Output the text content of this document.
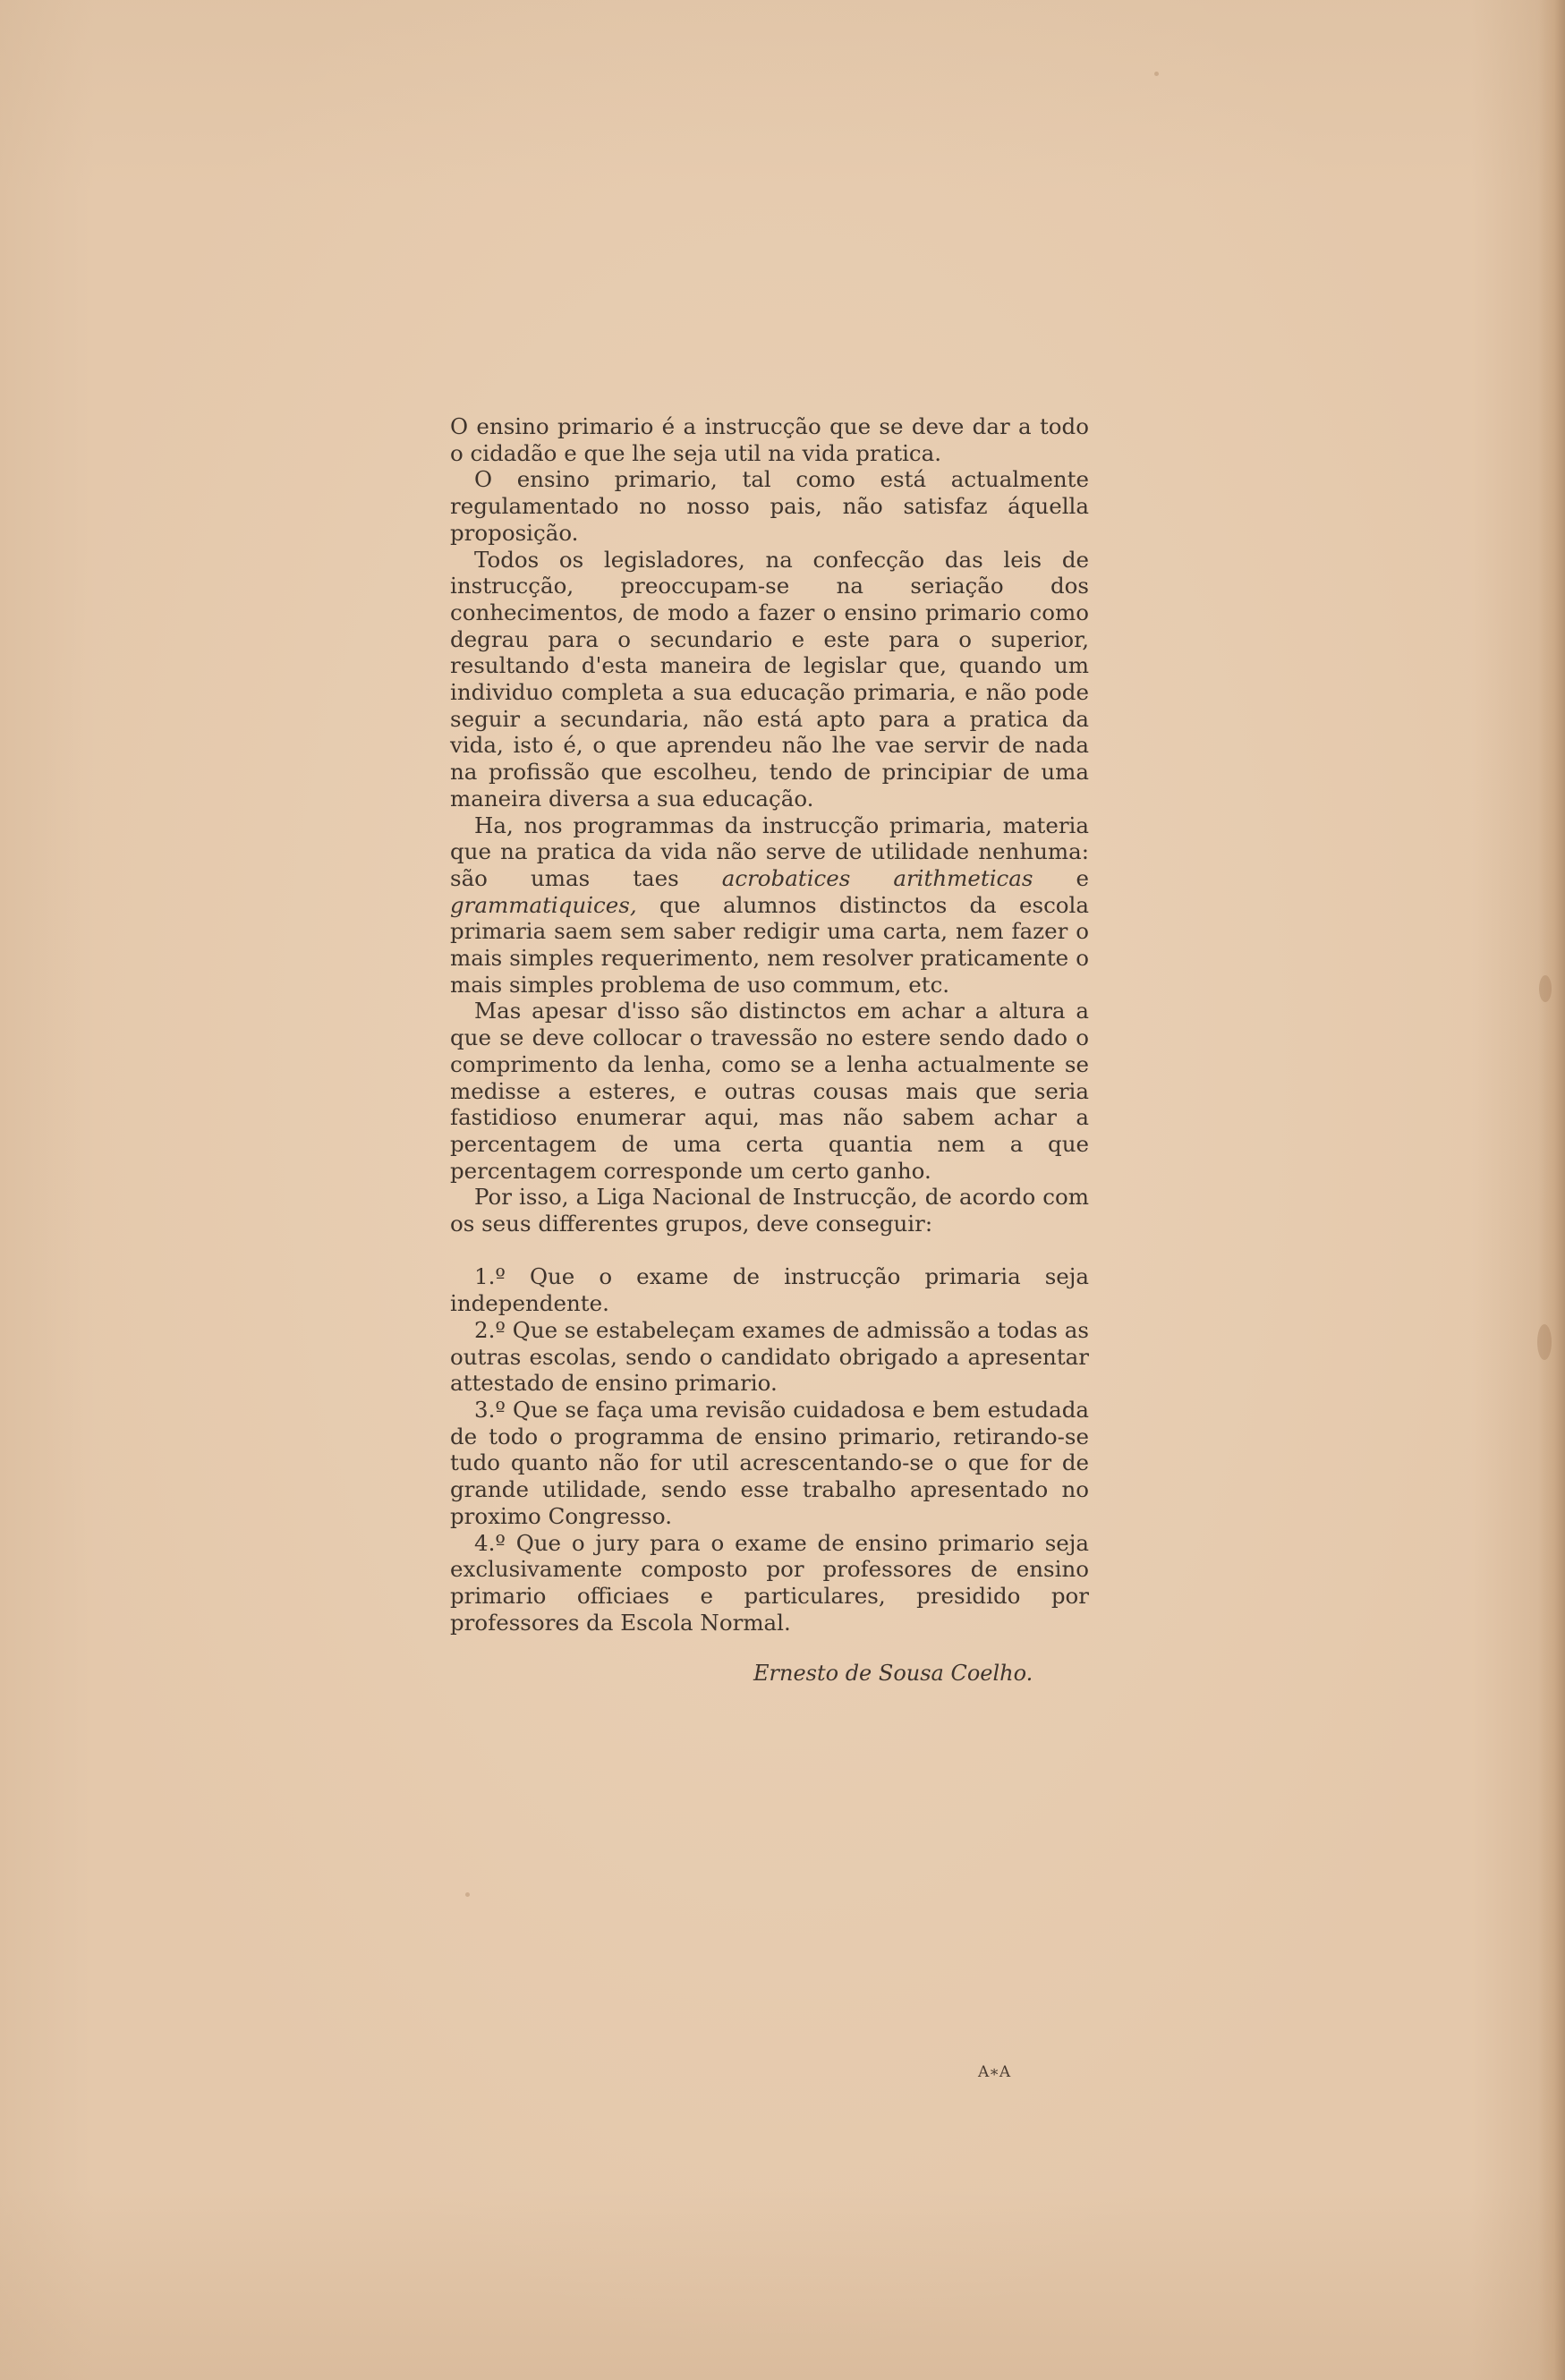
O ensino primario é a instrucção que se deve dar a todo o cidadão e que lhe seja util na vida pratica.

O ensino primario, tal como está actualmente regulamentado no nosso pais, não satisfaz áquella proposição.

Todos os legisladores, na confecção das leis de instrucção, preoccupam-se na seriação dos conhecimentos, de modo a fazer o ensino primario como degrau para o secundario e este para o superior, resultando d'esta maneira de legislar que, quando um individuo completa a sua educação primaria, e não pode seguir a secundaria, não está apto para a pratica da vida, isto é, o que aprendeu não lhe vae servir de nada na profissão que escolheu, tendo de principiar de uma maneira diversa a sua educação.

Ha, nos programmas da instrucção primaria, materia que na pratica da vida não serve de utilidade nenhuma: são umas taes acrobatices arithmeticas e grammatiquices, que alumnos distinctos da escola primaria saem sem saber redigir uma carta, nem fazer o mais simples requerimento, nem resolver praticamente o mais simples problema de uso commum, etc.

Mas apesar d'isso são distinctos em achar a altura a que se deve collocar o travessão no estere sendo dado o comprimento da lenha, como se a lenha actualmente se medisse a esteres, e outras cousas mais que seria fastidioso enumerar aqui, mas não sabem achar a percentagem de uma certa quantia nem a que percentagem corresponde um certo ganho.

Por isso, a Liga Nacional de Instrucção, de acordo com os seus differentes grupos, deve conseguir:

1.º Que o exame de instrucção primaria seja independente.

2.º Que se estabeleçam exames de admissão a todas as outras escolas, sendo o candidato obrigado a apresentar attestado de ensino primario.

3.º Que se faça uma revisão cuidadosa e bem estudada de todo o programma de ensino primario, retirando-se tudo quanto não for util acrescentando-se o que for de grande utilidade, sendo esse trabalho apresentado no proximo Congresso.

4.º Que o jury para o exame de ensino primario seja exclusivamente composto por professores de ensino primario officiaes e particulares, presidido por professores da Escola Normal.

Ernesto de Sousa Coelho.
A∗A
